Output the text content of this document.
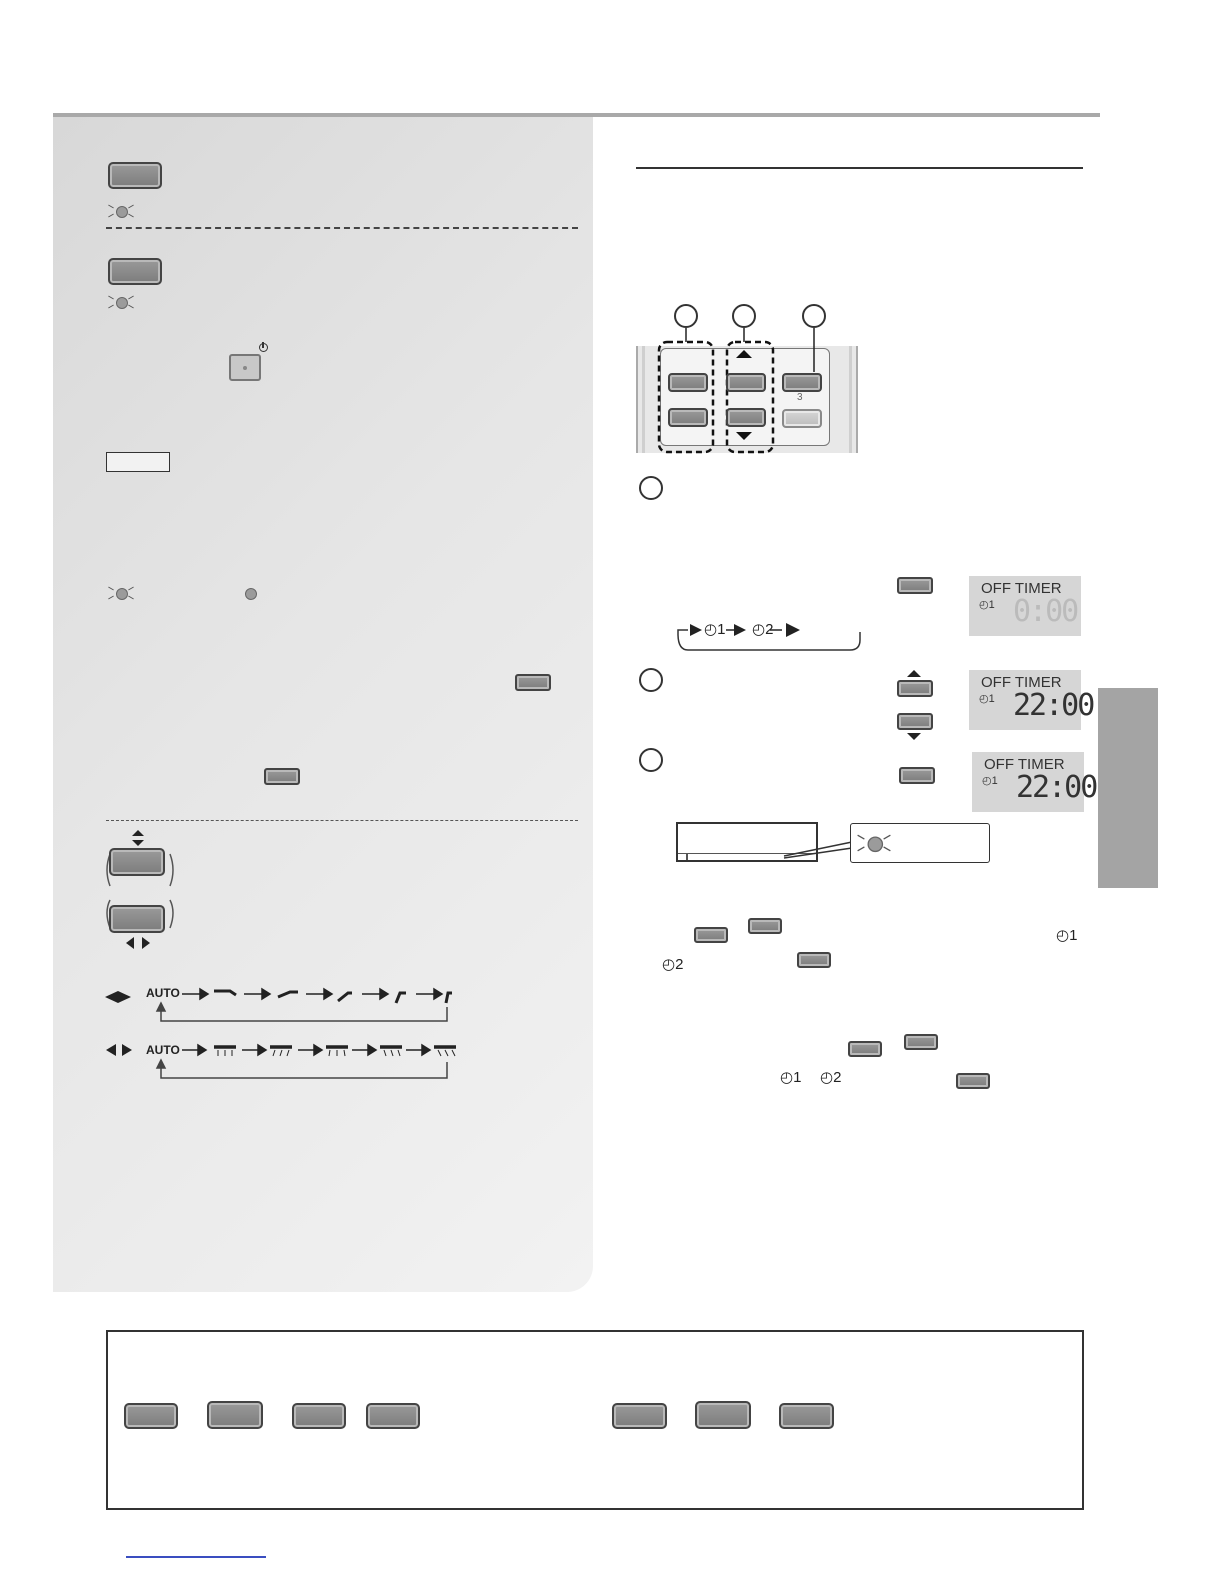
AUTO
AUTO
3
OFF TIMER
◴1 0:00
◴1 ◴2
OFF TIMER
◴1 22:00
OFF TIMER
◴1 22:00
◴1
◴2
◴1 ◴2
